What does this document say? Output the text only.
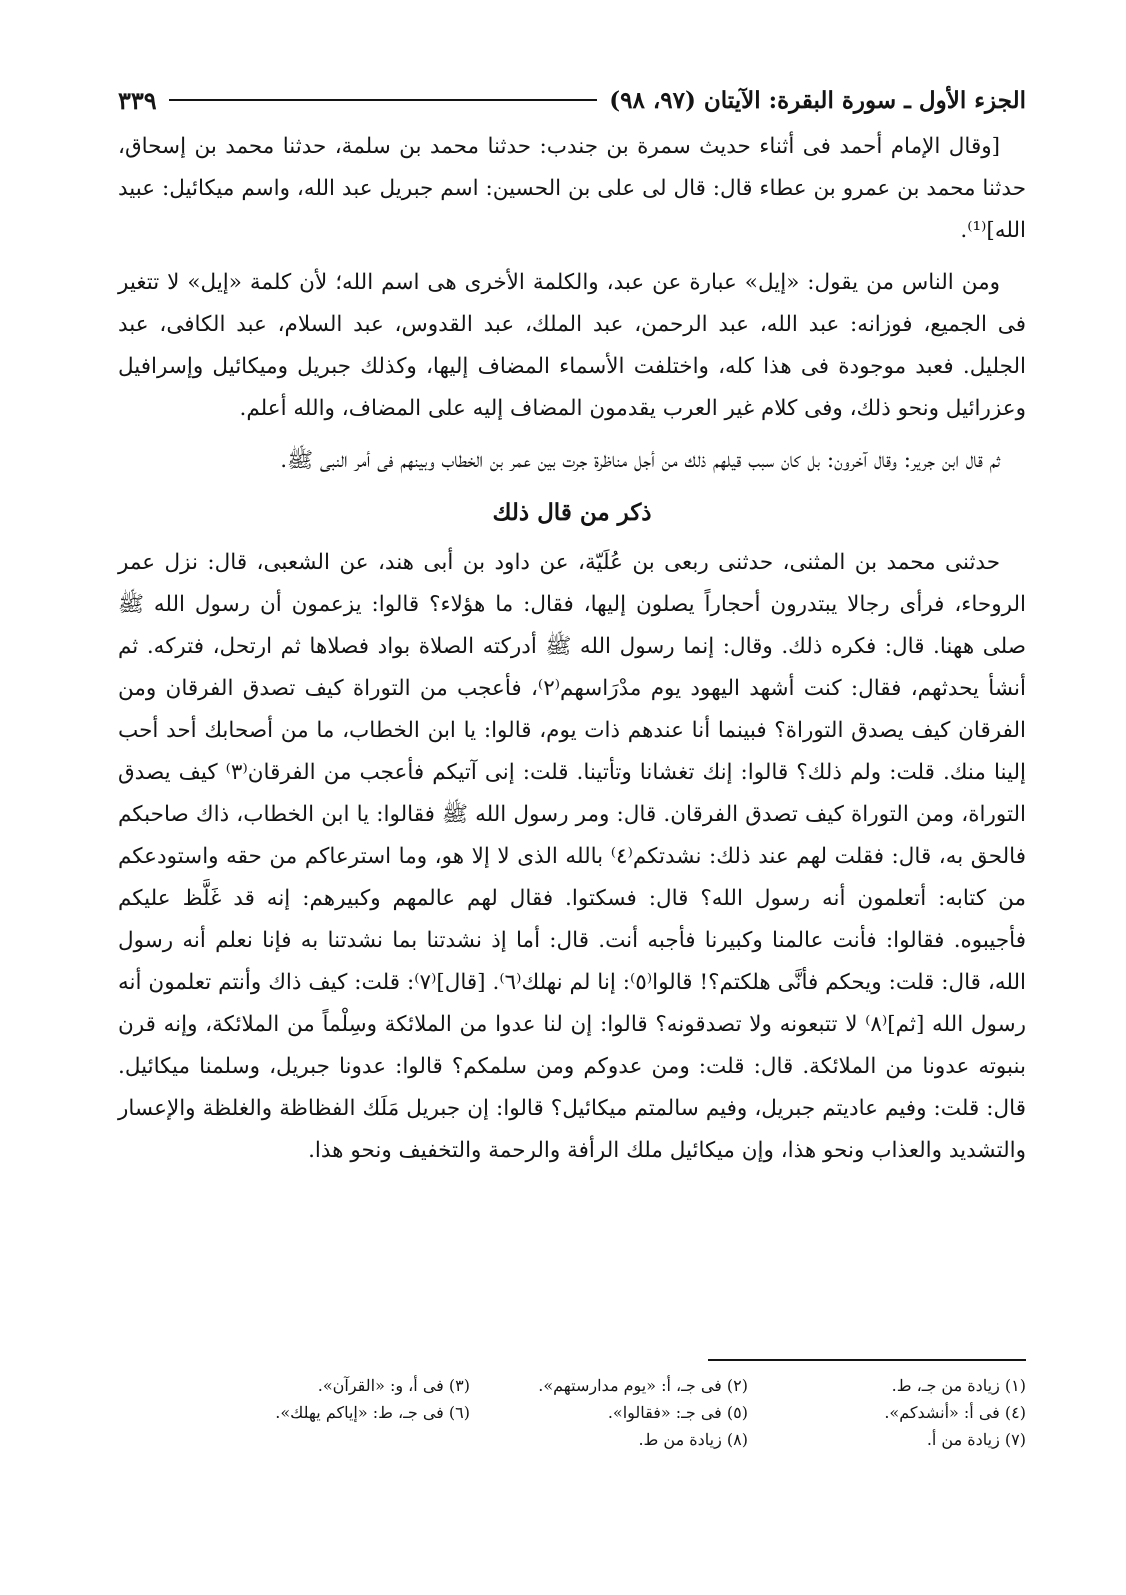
الجزء الأول ـ سورة البقرة: الآيتان (٩٧، ٩٨)
٣٣٩

[وقال الإمام أحمد فى أثناء حديث سمرة بن جندب: حدثنا محمد بن سلمة، حدثنا محمد بن إسحاق، حدثنا محمد بن عمرو بن عطاء قال: قال لى على بن الحسين: اسم جبريل عبد الله، واسم ميكائيل: عبيد الله]⁽¹⁾.

ومن الناس من يقول: «إيل» عبارة عن عبد، والكلمة الأخرى هى اسم الله؛ لأن كلمة «إيل» لا تتغير فى الجميع، فوزانه: عبد الله، عبد الرحمن، عبد الملك، عبد القدوس، عبد السلام، عبد الكافى، عبد الجليل. فعبد موجودة فى هذا كله، واختلفت الأسماء المضاف إليها، وكذلك جبريل وميكائيل وإسرافيل وعزرائيل ونحو ذلك، وفى كلام غير العرب يقدمون المضاف إليه على المضاف، والله أعلم.

ثم قال ابن جرير: وقال آخرون: بل كان سبب قيلهم ذلك من أجل مناظرة جرت بين عمر بن الخطاب وبينهم فى أمر النبى ﷺ.

ذكر من قال ذلك

حدثنى محمد بن المثنى، حدثنى ربعى بن عُلَيّة، عن داود بن أبى هند، عن الشعبى، قال: نزل عمر الروحاء، فرأى رجالا يبتدرون أحجاراً يصلون إليها، فقال: ما هؤلاء؟ قالوا: يزعمون أن رسول الله ﷺ صلى ههنا. قال: فكره ذلك. وقال: إنما رسول الله ﷺ أدركته الصلاة بواد فصلاها ثم ارتحل، فتركه. ثم أنشأ يحدثهم، فقال: كنت أشهد اليهود يوم مدْرَاسهم⁽٢⁾، فأعجب من التوراة كيف تصدق الفرقان ومن الفرقان كيف يصدق التوراة؟ فبينما أنا عندهم ذات يوم، قالوا: يا ابن الخطاب، ما من أصحابك أحد أحب إلينا منك. قلت: ولم ذلك؟ قالوا: إنك تغشانا وتأتينا. قلت: إنى آتيكم فأعجب من الفرقان⁽٣⁾ كيف يصدق التوراة، ومن التوراة كيف تصدق الفرقان. قال: ومر رسول الله ﷺ فقالوا: يا ابن الخطاب، ذاك صاحبكم فالحق به، قال: فقلت لهم عند ذلك: نشدتكم⁽٤⁾ بالله الذى لا إلا هو، وما استرعاكم من حقه واستودعكم من كتابه: أتعلمون أنه رسول الله؟ قال: فسكتوا. فقال لهم عالمهم وكبيرهم: إنه قد غَلَّظ عليكم فأجيبوه. فقالوا: فأنت عالمنا وكبيرنا فأجبه أنت. قال: أما إذ نشدتنا بما نشدتنا به فإنا نعلم أنه رسول الله، قال: قلت: ويحكم فأنَّى هلكتم؟! قالوا⁽٥⁾: إنا لم نهلك⁽٦⁾. [قال]⁽٧⁾: قلت: كيف ذاك وأنتم تعلمون أنه رسول الله [ثم]⁽٨⁾ لا تتبعونه ولا تصدقونه؟ قالوا: إن لنا عدوا من الملائكة وسِلْماً من الملائكة، وإنه قرن بنبوته عدونا من الملائكة. قال: قلت: ومن عدوكم ومن سلمكم؟ قالوا: عدونا جبريل، وسلمنا ميكائيل. قال: قلت: وفيم عاديتم جبريل، وفيم سالمتم ميكائيل؟ قالوا: إن جبريل مَلَك الفظاظة والغلظة والإعسار والتشديد والعذاب ونحو هذا، وإن ميكائيل ملك الرأفة والرحمة والتخفيف ونحو هذا.

(١) زيادة من جـ، ط.
(٢) فى جـ، أ: «يوم مدارستهم».
(٣) فى أ، و: «القرآن».
(٤) فى أ: «أنشدكم».
(٥) فى جـ: «فقالوا».
(٦) فى جـ، ط: «إياكم يهلك».
(٧) زيادة من أ.
(٨) زيادة من ط.
